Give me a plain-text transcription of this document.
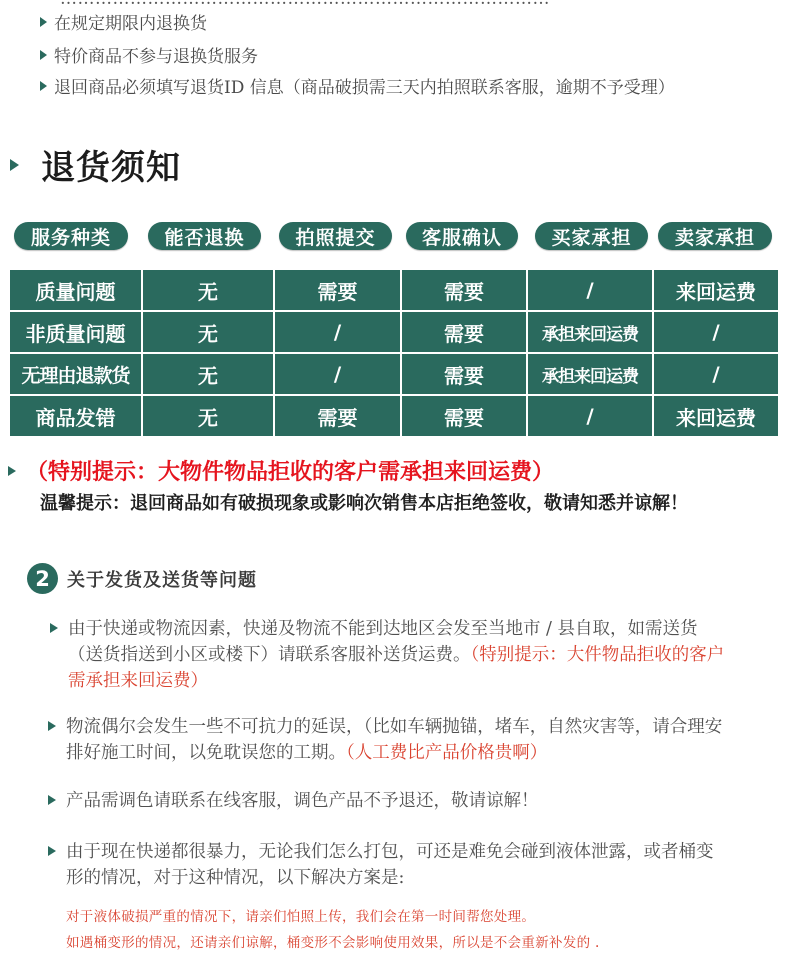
在规定期限内退换货
特价商品不参与退换货服务
退回商品必须填写退货ID 信息（商品破损需三天内拍照联系客服，逾期不予受理）
退货须知
服务种类	能否退换	拍照提交	客服确认	买家承担	卖家承担
质量问题	无	需要	需要	/	来回运费
非质量问题	无	/	需要	承担来回运费	/
无理由退款货	无	/	需要	承担来回运费	/
商品发错	无	需要	需要	/	来回运费
（特别提示：大物件物品拒收的客户需承担来回运费）
温馨提示：退回商品如有破损现象或影响次销售本店拒绝签收，敬请知悉并谅解！
2 关于发货及送货等问题
由于快递或物流因素，快递及物流不能到达地区会发至当地市 / 县自取，如需送货（送货指送到小区或楼下）请联系客服补送货运费。（特别提示：大件物品拒收的客户需承担来回运费）
物流偶尔会发生一些不可抗力的延误，（比如车辆抛锚，堵车，自然灾害等，请合理安排好施工时间，以免耽误您的工期。（人工费比产品价格贵啊）
产品需调色请联系在线客服，调色产品不予退还，敬请谅解！
由于现在快递都很暴力，无论我们怎么打包，可还是难免会碰到液体泄露，或者桶变形的情况，对于这种情况，以下解决方案是:
对于液体破损严重的情况下，请亲们怕照上传，我们会在第一时间帮您处理。
如遇桶变形的情况，还请亲们谅解，桶变形不会影响使用效果，所以是不会重新补发的 .
